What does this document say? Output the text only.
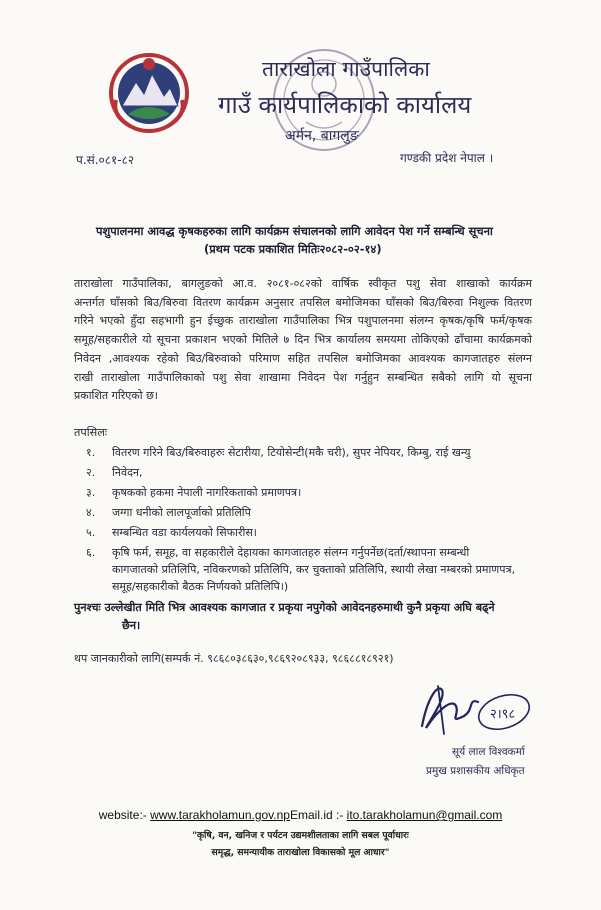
ताराखोला गाउँपालिका
गाउँ कार्यपालिकाको कार्यालय
अर्मन, बागलुङ
प.सं.०८१-८२	गण्डकी प्रदेश नेपाल ।
पशुपालनमा आवद्ध कृषकहरुका लागि कार्यक्रम संचालनको लागि आवेदन पेश गर्ने सम्बन्धि सूचना
(प्रथम पटक प्रकाशित मितिः२०८२-०२-१४)
ताराखोला गाउँपालिका, बागलुङको आ.व. २०८१-०८२को वार्षिक स्वीकृत पशु सेवा शाखाको कार्यक्रम
अन्तर्गत घाँसको बिउ/बिरुवा वितरण कार्यक्रम अनुसार तपसिल बमोजिमका घाँसको बिउ/बिरुवा निशुल्क वितरण
गरिने भएको हुँदा सहभागी हुन ईच्छुक ताराखोला गाउँपालिका भित्र पशुपालनमा संलग्न कृषक/कृषि फर्म/कृषक
समूह/सहकारीले यो सूचना प्रकाशन भएको मितिले ७ दिन भित्र कार्यालय समयमा तोकिएको ढाँचामा कार्यक्रमको
निवेदन ,आवश्यक रहेको बिउ/बिरुवाको परिमाण सहित तपसिल बमोजिमका आवश्यक कागजातहरु संलग्न
राखी ताराखोला गाउँपालिकाको पशु सेवा शाखामा निवेदन पेश गर्नुहुन सम्बन्धित सबैको लागि यो सूचना
प्रकाशित गरिएको छ।
तपसिलः
१.	वितरण गरिने बिउ/बिरुवाहरुः सेटारीया, टियोसेन्टी(मकै चरी), सुपर नेपियर, किम्बु, राई खन्यु
२.	निवेदन,
३.	कृषकको हकमा नेपाली नागरिकताको प्रमाणपत्र।
४.	जग्गा धनीको लालपूर्जाको प्रतिलिपि
५.	सम्बन्धित वडा कार्यलयको सिफारीस।
६.	कृषि फर्म, समूह, वा सहकारीले देहायका कागजातहरु संलग्न गर्नुपर्नेछ(दर्ता/स्थापना सम्बन्धी
कागजातको प्रतिलिपि, नविकरणको प्रतिलिपि, कर चुक्ताको प्रतिलिपि, स्थायी लेखा नम्बरको प्रमाणपत्र,
समूह/सहकारीको बैठक निर्णयको प्रतिलिपि।)
पुनश्चः उल्लेखीत मिति भित्र आवश्यक कागजात र प्रकृया नपुगेको आवेदनहरुमाथी कुनै प्रकृया अघि बढ्ने
छैन।
थप जानकारीको लागि(सम्पर्क नं. ९८६८०३८६३०,९८६९२०८९३३, ९८६८८१८९२१)
२।९८
सूर्य लाल विश्वकर्मा
प्रमुख प्रशासकीय अधिकृत
website:- www.tarakholamun.gov.npEmail.id :- ito.tarakholamun@gmail.com
"कृषि, वन, खनिज र पर्यटन उद्यमशीलताका लागि सबल पूर्वाधारः
समृद्ध, समन्यायीक ताराखोला विकासको मूल आधार"
